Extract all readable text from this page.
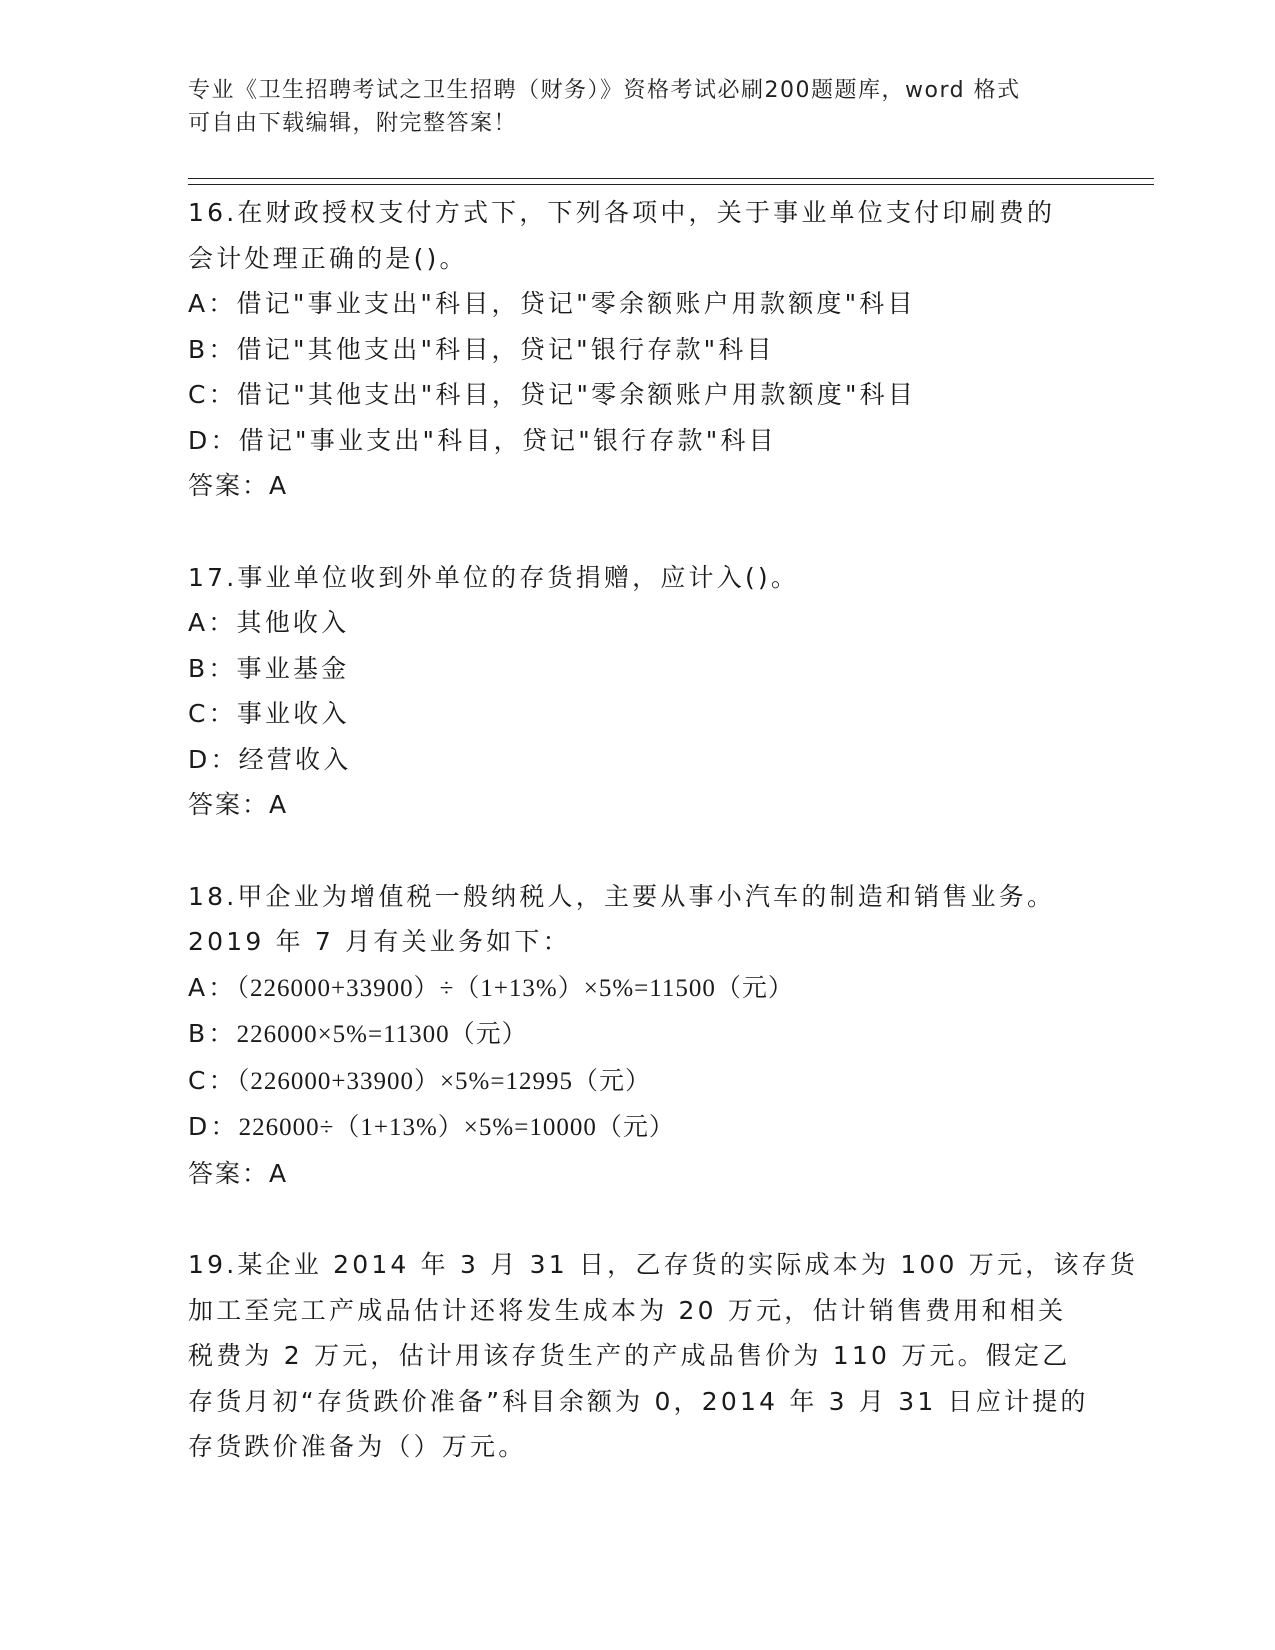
专业《卫生招聘考试之卫生招聘（财务）》资格考试必刷200题题库，word 格式
可自由下载编辑，附完整答案！
16.在财政授权支付方式下，下列各项中，关于事业单位支付印刷费的
会计处理正确的是()。
A：借记"事业支出"科目，贷记"零余额账户用款额度"科目
B：借记"其他支出"科目，贷记"银行存款"科目
C：借记"其他支出"科目，贷记"零余额账户用款额度"科目
D：借记"事业支出"科目，贷记"银行存款"科目
答案：A
17.事业单位收到外单位的存货捐赠，应计入()。
A：其他收入
B：事业基金
C：事业收入
D：经营收入
答案：A
18.甲企业为增值税一般纳税人，主要从事小汽车的制造和销售业务。
2019 年 7 月有关业务如下：
A：（226000+33900）÷（1+13%）×5%=11500（元）
B：226000×5%=11300（元）
C：（226000+33900）×5%=12995（元）
D：226000÷（1+13%）×5%=10000（元）
答案：A
19.某企业 2014 年 3 月 31 日，乙存货的实际成本为 100 万元，该存货
加工至完工产成品估计还将发生成本为 20 万元，估计销售费用和相关
税费为 2 万元，估计用该存货生产的产成品售价为 110 万元。假定乙
存货月初“存货跌价准备”科目余额为 0，2014 年 3 月 31 日应计提的
存货跌价准备为（）万元。
